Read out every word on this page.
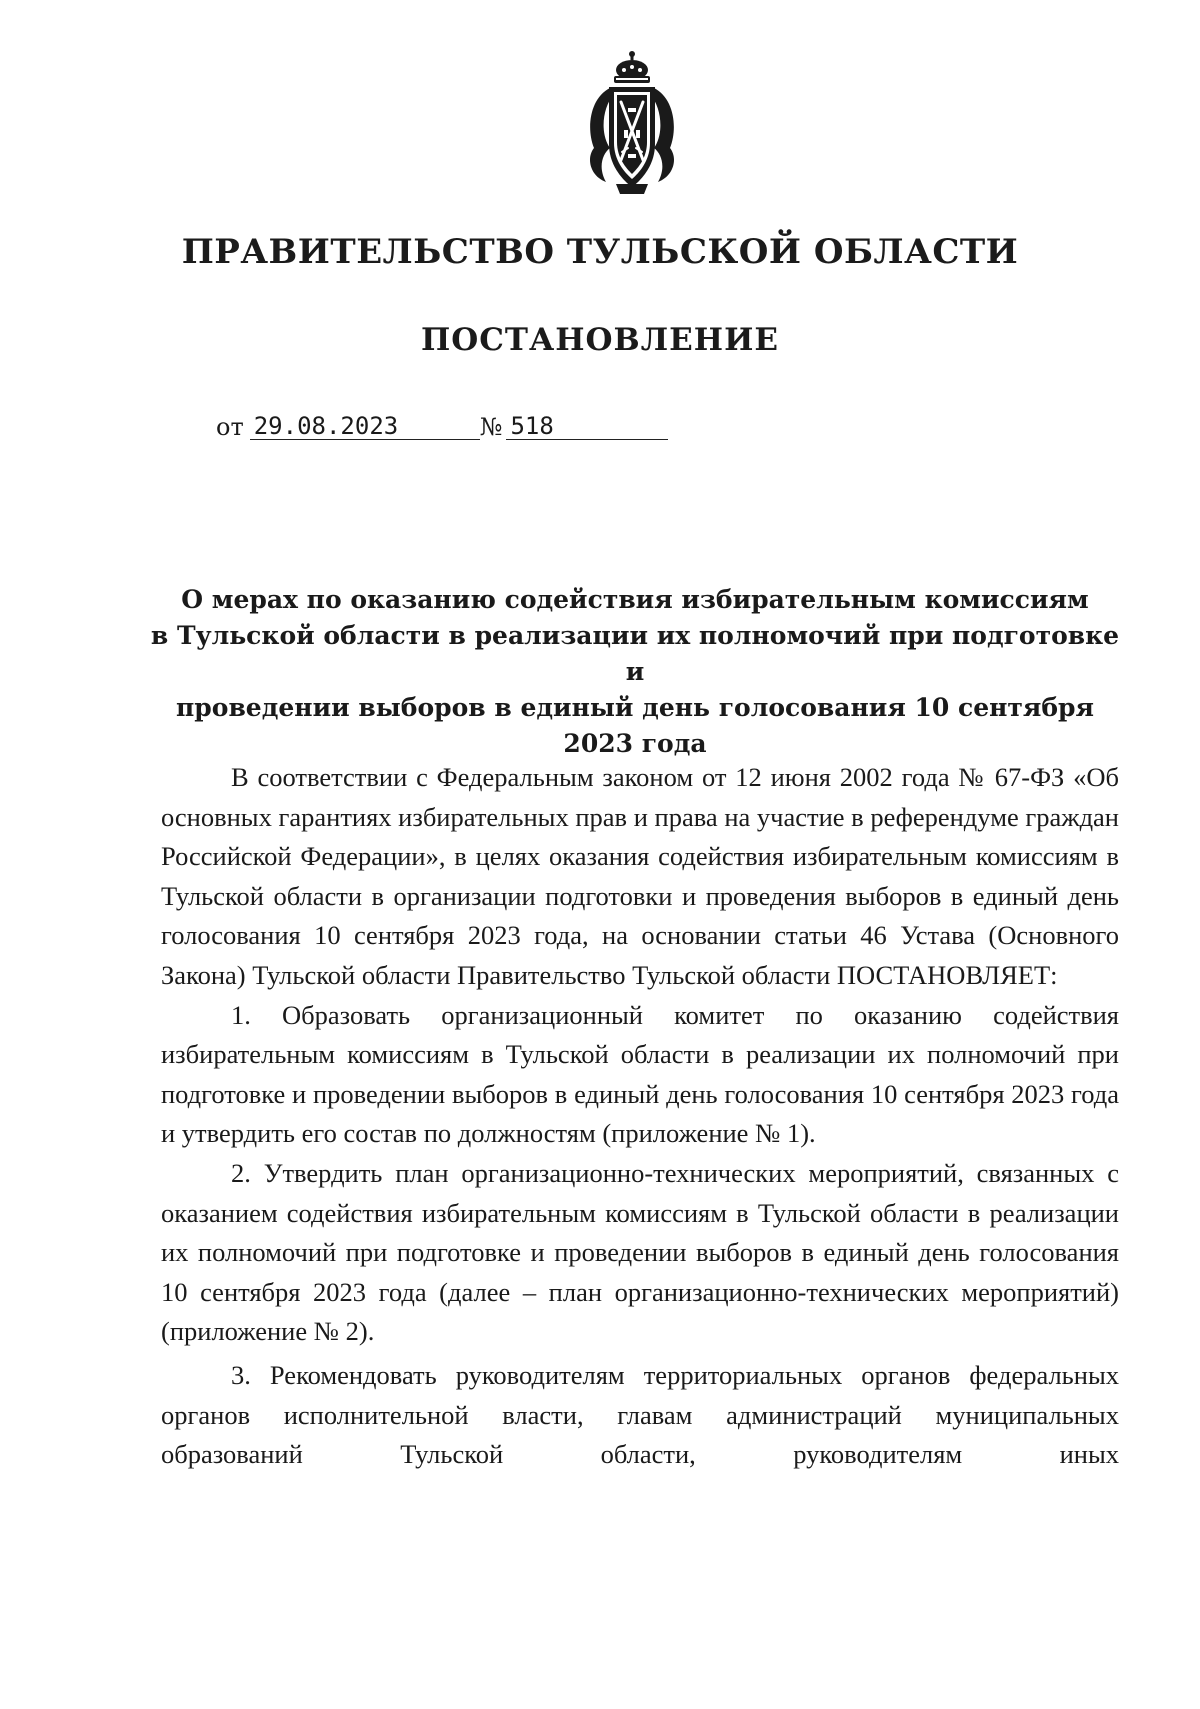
ПРАВИТЕЛЬСТВО ТУЛЬСКОЙ ОБЛАСТИ
ПОСТАНОВЛЕНИЕ
от 29.08.2023	№ 518
О мерах по оказанию содействия избирательным комиссиям
в Тульской области в реализации их полномочий при подготовке и
проведении выборов в единый день голосования 10 сентября 2023 года

В соответствии с Федеральным законом от 12 июня 2002 года № 67-ФЗ «Об основных гарантиях избирательных прав и права на участие в референдуме граждан Российской Федерации», в целях оказания содействия избирательным комиссиям в Тульской области в организации подготовки и проведения выборов в единый день голосования 10 сентября 2023 года, на основании статьи 46 Устава (Основного Закона) Тульской области Правительство Тульской области ПОСТАНОВЛЯЕТ:

1. Образовать организационный комитет по оказанию содействия избирательным комиссиям в Тульской области в реализации их полномочий при подготовке и проведении выборов в единый день голосования 10 сентября 2023 года и утвердить его состав по должностям (приложение № 1).

2. Утвердить план организационно-технических мероприятий, связанных с оказанием содействия избирательным комиссиям в Тульской области в реализации их полномочий при подготовке и проведении выборов в единый день голосования 10 сентября 2023 года (далее – план организационно-технических мероприятий) (приложение № 2).

3. Рекомендовать руководителям территориальных органов федеральных органов исполнительной власти, главам администраций муниципальных образований Тульской области, руководителям иных
